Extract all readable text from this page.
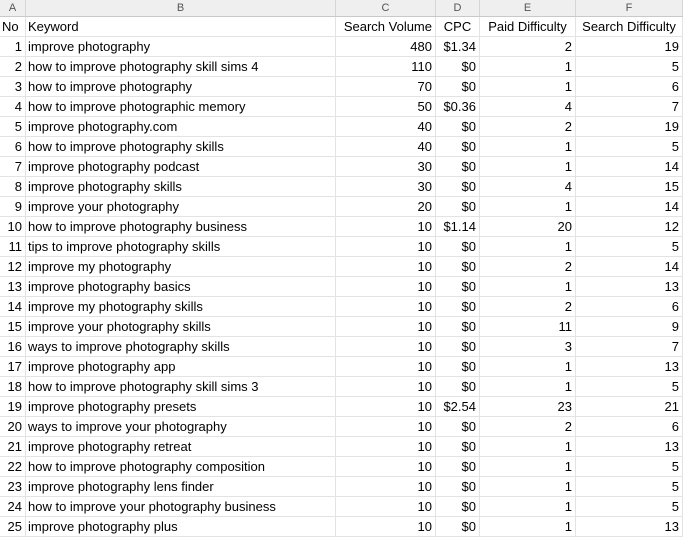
A	B	C	D	E	F
No Keyword	Search Volume CPC	Paid Difficulty	Search Difficulty
1 improve photography	480 $1.34	2	19
2 how to improve photography skill sims 4	110	$0	1	5
3 how to improve photography	70	$0	1	6
4 how to improve photographic memory	50 $0.36	4	7
5 improve photography.com	40	$0	2	19
6 how to improve photography skills	40	$0	1	5
7 improve photography podcast	30	$0	1	14
8 improve photography skills	30	$0	4	15
9 improve your photography	20	$0	1	14
10 how to improve photography business	10 $1.14	20	12
11 tips to improve photography skills	10	$0	1	5
12 improve my photography	10	$0	2	14
13 improve photography basics	10	$0	1	13
14 improve my photography skills	10	$0	2	6
15 improve your photography skills	10	$0	11	9
16 ways to improve photography skills	10	$0	3	7
17 improve photography app	10	$0	1	13
18 how to improve photography skill sims 3	10	$0	1	5
19 improve photography presets	10 $2.54	23	21
20 ways to improve your photography	10	$0	2	6
21 improve photography retreat	10	$0	1	13
22 how to improve photography composition	10	$0	1	5
23 improve photography lens finder	10	$0	1	5
24 how to improve your photography business	10	$0	1	5
25 improve photography plus	10	$0	1	13
